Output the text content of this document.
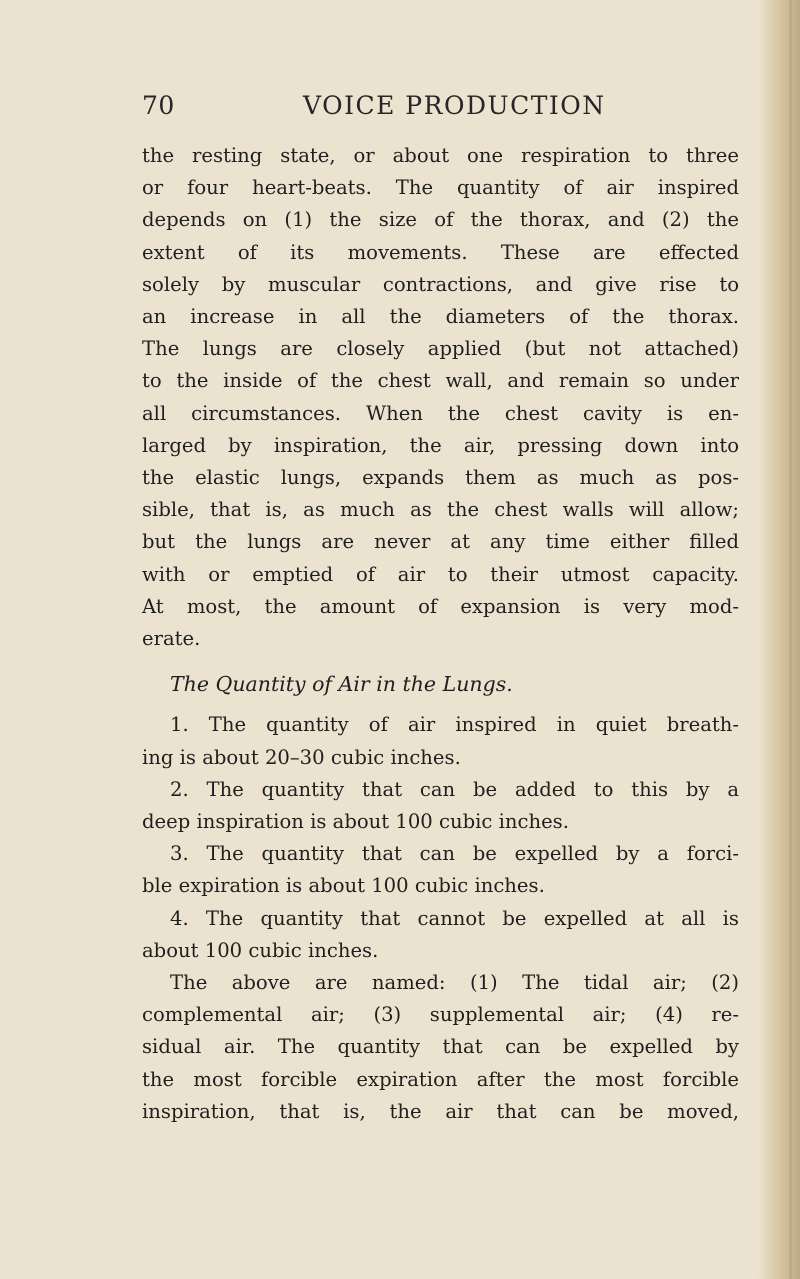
70	VOICE PRODUCTION
the resting state, or about one respiration to three
or four heart-beats. The quantity of air inspired
depends on (1) the size of the thorax, and (2) the
extent of its movements. These are effected
solely by muscular contractions, and give rise to
an increase in all the diameters of the thorax.
The lungs are closely applied (but not attached)
to the inside of the chest wall, and remain so under
all circumstances. When the chest cavity is en-
larged by inspiration, the air, pressing down into
the elastic lungs, expands them as much as pos-
sible, that is, as much as the chest walls will allow;
but the lungs are never at any time either filled
with or emptied of air to their utmost capacity.
At most, the amount of expansion is very mod-
erate.
The Quantity of Air in the Lungs.
1. The quantity of air inspired in quiet breath-
ing is about 20–30 cubic inches.
2. The quantity that can be added to this by a
deep inspiration is about 100 cubic inches.
3. The quantity that can be expelled by a forci-
ble expiration is about 100 cubic inches.
4. The quantity that cannot be expelled at all is
about 100 cubic inches.
The above are named: (1) The tidal air; (2)
complemental air; (3) supplemental air; (4) re-
sidual air. The quantity that can be expelled by
the most forcible expiration after the most forcible
inspiration, that is, the air that can be moved,
